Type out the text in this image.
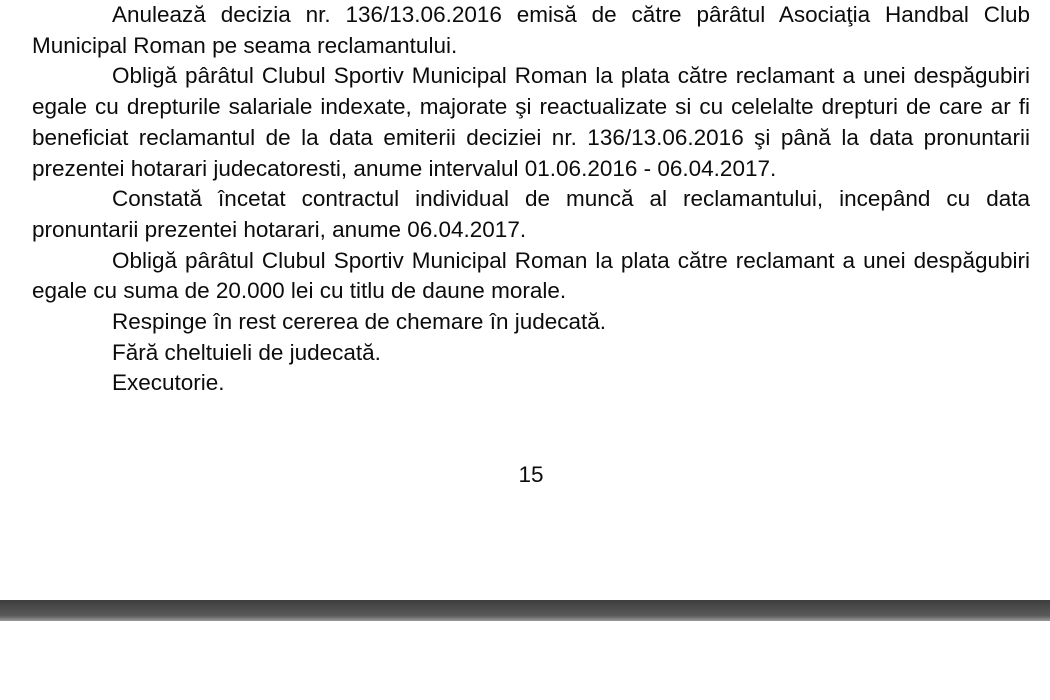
Anulează decizia nr. 136/13.06.2016 emisă de către pârâtul Asociaţia Handbal Club Municipal Roman pe seama reclamantului.

Obligă pârâtul Clubul Sportiv Municipal Roman la plata către reclamant a unei despăgubiri egale cu drepturile salariale indexate, majorate şi reactualizate si cu celelalte drepturi de care ar fi beneficiat reclamantul de la data emiterii deciziei nr. 136/13.06.2016 şi până la data pronuntarii prezentei hotarari judecatoresti, anume intervalul 01.06.2016 - 06.04.2017.

Constată încetat contractul individual de muncă al reclamantului, incepând cu data pronuntarii prezentei hotarari, anume 06.04.2017.

Obligă pârâtul Clubul Sportiv Municipal Roman la plata către reclamant a unei despăgubiri egale cu suma de 20.000 lei cu titlu de daune morale.

Respinge în rest cererea de chemare în judecată.

Fără cheltuieli de judecată.

Executorie.

15
